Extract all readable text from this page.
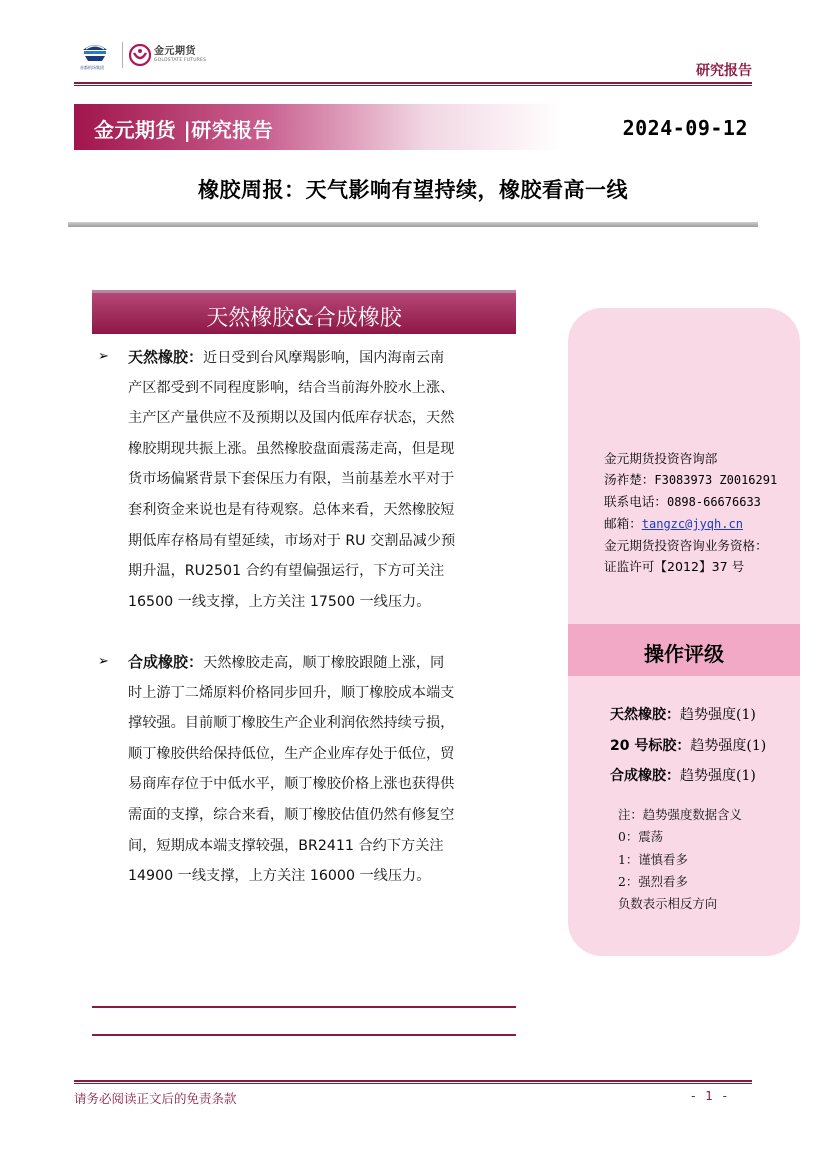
首都机场集团
金元期货
GOLDSTATE FUTURES
研究报告
金元期货 |研究报告	2024-09-12
橡胶周报：天气影响有望持续，橡胶看高一线
天然橡胶&合成橡胶
➢ 天然橡胶：近日受到台风摩羯影响，国内海南云南
产区都受到不同程度影响，结合当前海外胶水上涨、
主产区产量供应不及预期以及国内低库存状态，天然
橡胶期现共振上涨。虽然橡胶盘面震荡走高，但是现
货市场偏紧背景下套保压力有限，当前基差水平对于
套利资金来说也是有待观察。总体来看，天然橡胶短
期低库存格局有望延续，市场对于 RU 交割品减少预
期升温，RU2501 合约有望偏强运行，下方可关注
16500 一线支撑，上方关注 17500 一线压力。
➢ 合成橡胶：天然橡胶走高，顺丁橡胶跟随上涨，同
时上游丁二烯原料价格同步回升，顺丁橡胶成本端支
撑较强。目前顺丁橡胶生产企业利润依然持续亏损，
顺丁橡胶供给保持低位，生产企业库存处于低位，贸
易商库存位于中低水平，顺丁橡胶价格上涨也获得供
需面的支撑，综合来看，顺丁橡胶估值仍然有修复空
间，短期成本端支撑较强，BR2411 合约下方关注
14900 一线支撑，上方关注 16000 一线压力。
金元期货投资咨询部
汤祚楚：F3083973 Z0016291
联系电话：0898-66676633
邮箱：tangzc@jyqh.cn
金元期货投资咨询业务资格：
证监许可【2012】37 号
操作评级
天然橡胶：趋势强度(1)
20 号标胶：趋势强度(1)
合成橡胶：趋势强度(1)
注：趋势强度数据含义
0：震荡
1：谨慎看多
2：强烈看多
负数表示相反方向
请务必阅读正文后的免责条款	- 1 -
